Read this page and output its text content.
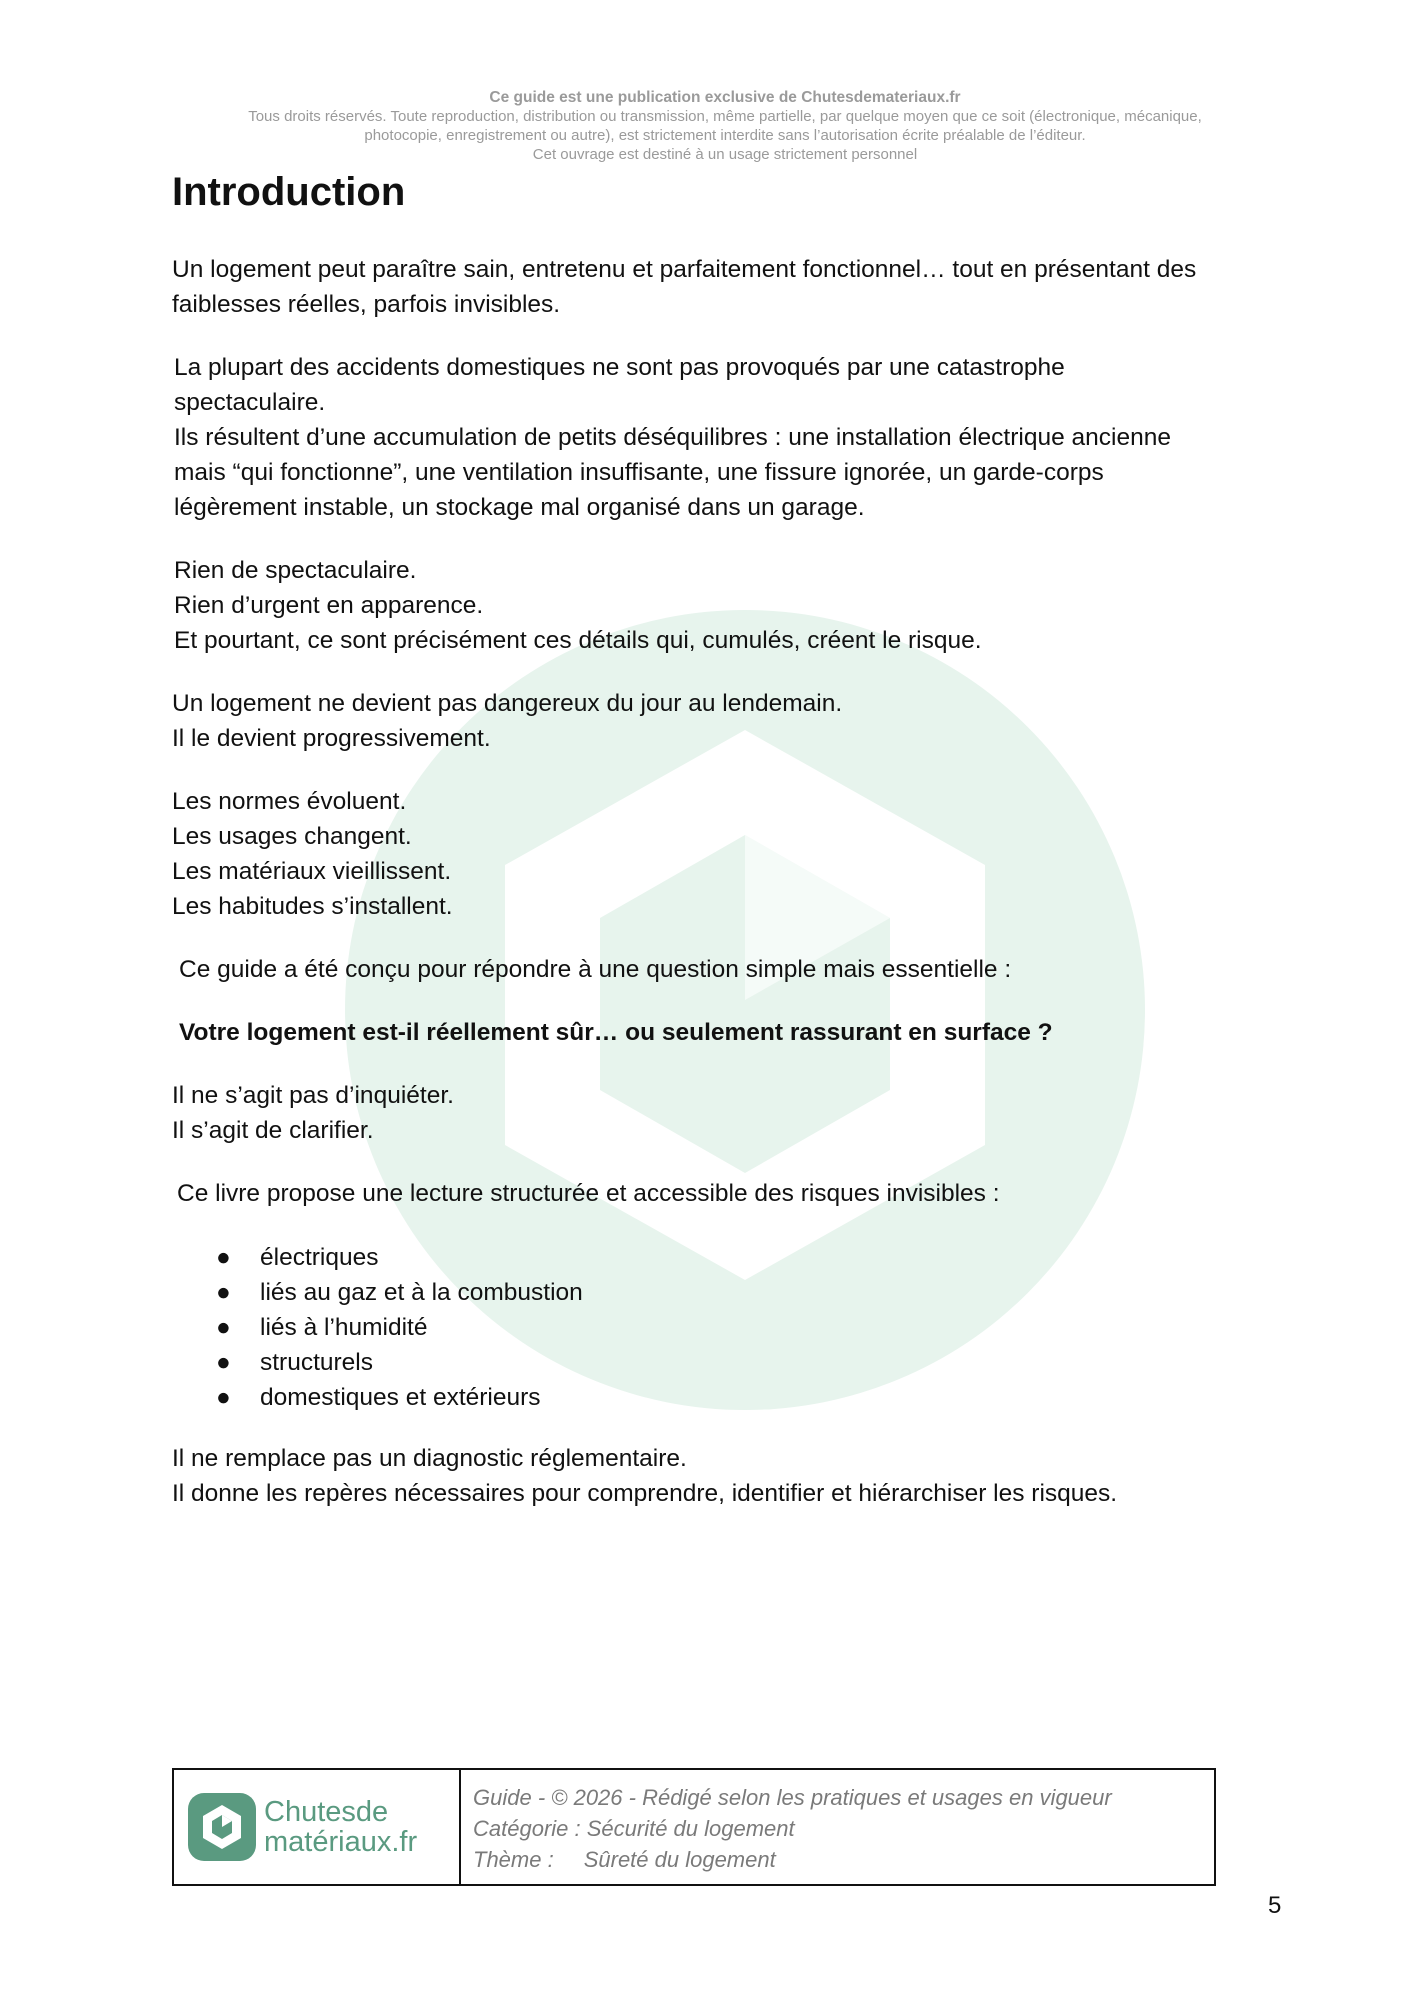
Ce guide est une publication exclusive de Chutesdemateriaux.fr
Tous droits réservés. Toute reproduction, distribution ou transmission, même partielle, par quelque moyen que ce soit (électronique, mécanique,
photocopie, enregistrement ou autre), est strictement interdite sans l’autorisation écrite préalable de l’éditeur.
Cet ouvrage est destiné à un usage strictement personnel
Introduction

Un logement peut paraître sain, entretenu et parfaitement fonctionnel… tout en présentant des
faiblesses réelles, parfois invisibles.

La plupart des accidents domestiques ne sont pas provoqués par une catastrophe
spectaculaire.
Ils résultent d’une accumulation de petits déséquilibres : une installation électrique ancienne
mais “qui fonctionne”, une ventilation insuffisante, une fissure ignorée, un garde-corps
légèrement instable, un stockage mal organisé dans un garage.

Rien de spectaculaire.
Rien d’urgent en apparence.
Et pourtant, ce sont précisément ces détails qui, cumulés, créent le risque.

Un logement ne devient pas dangereux du jour au lendemain.
Il le devient progressivement.

Les normes évoluent.
Les usages changent.
Les matériaux vieillissent.
Les habitudes s’installent.

Ce guide a été conçu pour répondre à une question simple mais essentielle :

Votre logement est-il réellement sûr… ou seulement rassurant en surface ?

Il ne s’agit pas d’inquiéter.
Il s’agit de clarifier.

Ce livre propose une lecture structurée et accessible des risques invisibles :

● électriques
● liés au gaz et à la combustion
● liés à l’humidité
● structurels
● domestiques et extérieurs

Il ne remplace pas un diagnostic réglementaire.
Il donne les repères nécessaires pour comprendre, identifier et hiérarchiser les risques.

Chutesde
matériaux.fr
Guide - © 2026 - Rédigé selon les pratiques et usages en vigueur
Catégorie : Sécurité du logement
Thème : Sûreté du logement
5
